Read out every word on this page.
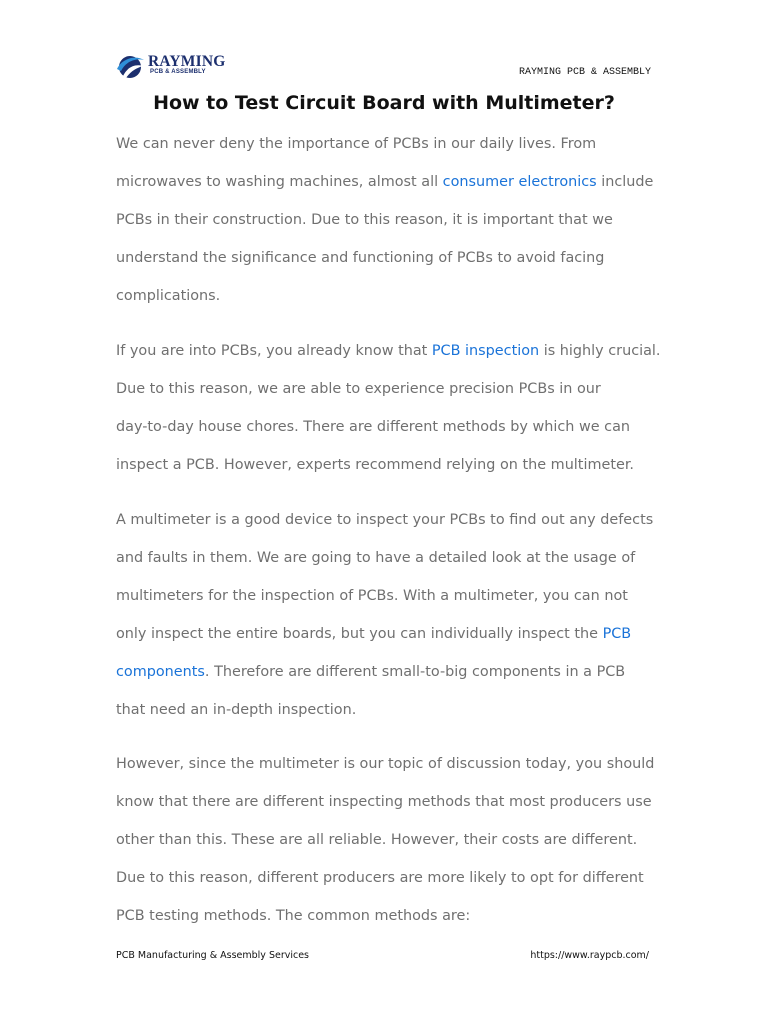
RAYMING
PCB & ASSEMBLY	RAYMING PCB & ASSEMBLY
How to Test Circuit Board with Multimeter?

We can never deny the importance of PCBs in our daily lives. From
microwaves to washing machines, almost all consumer electronics include
PCBs in their construction. Due to this reason, it is important that we
understand the significance and functioning of PCBs to avoid facing
complications.

If you are into PCBs, you already know that PCB inspection is highly crucial.
Due to this reason, we are able to experience precision PCBs in our
day-to-day house chores. There are different methods by which we can
inspect a PCB. However, experts recommend relying on the multimeter.

A multimeter is a good device to inspect your PCBs to find out any defects
and faults in them. We are going to have a detailed look at the usage of
multimeters for the inspection of PCBs. With a multimeter, you can not
only inspect the entire boards, but you can individually inspect the PCB
components. Therefore are different small-to-big components in a PCB
that need an in-depth inspection.

However, since the multimeter is our topic of discussion today, you should
know that there are different inspecting methods that most producers use
other than this. These are all reliable. However, their costs are different.
Due to this reason, different producers are more likely to opt for different
PCB testing methods. The common methods are:

PCB Manufacturing & Assembly Services	https://www.raypcb.com/
